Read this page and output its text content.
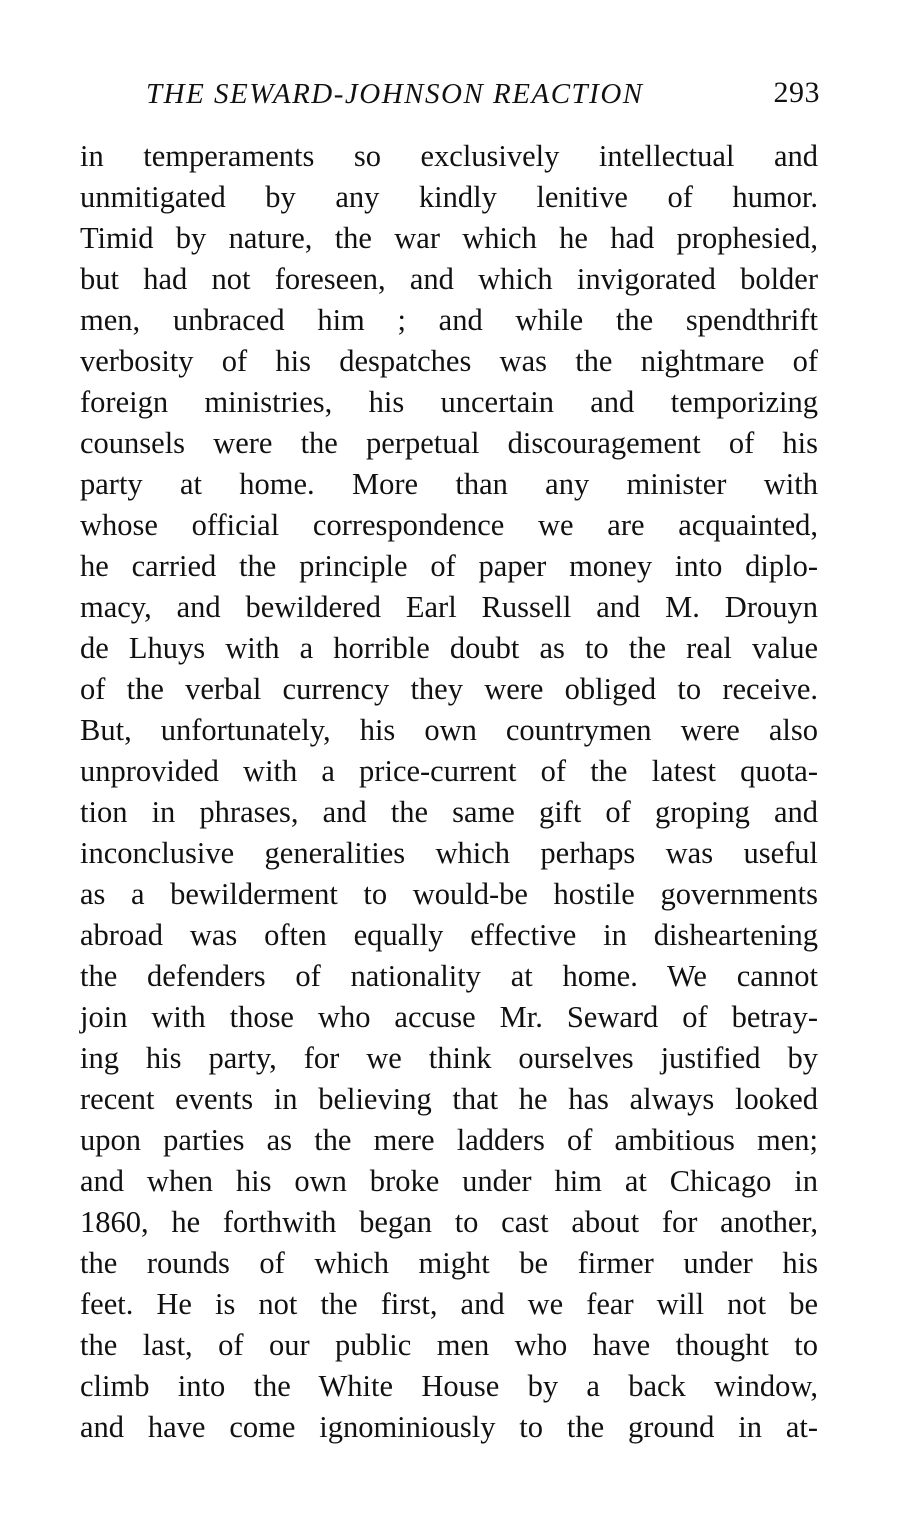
THE SEWARD-JOHNSON REACTION	293
in temperaments so exclusively intellectual and
unmitigated by any kindly lenitive of humor.
Timid by nature, the war which he had prophesied,
but had not foreseen, and which invigorated bolder
men, unbraced him ; and while the spendthrift
verbosity of his despatches was the nightmare of
foreign ministries, his uncertain and temporizing
counsels were the perpetual discouragement of his
party at home. More than any minister with
whose official correspondence we are acquainted,
he carried the principle of paper money into diplo-
macy, and bewildered Earl Russell and M. Drouyn
de Lhuys with a horrible doubt as to the real value
of the verbal currency they were obliged to receive.
But, unfortunately, his own countrymen were also
unprovided with a price-current of the latest quota-
tion in phrases, and the same gift of groping and
inconclusive generalities which perhaps was useful
as a bewilderment to would-be hostile governments
abroad was often equally effective in disheartening
the defenders of nationality at home. We cannot
join with those who accuse Mr. Seward of betray-
ing his party, for we think ourselves justified by
recent events in believing that he has always looked
upon parties as the mere ladders of ambitious men;
and when his own broke under him at Chicago in
1860, he forthwith began to cast about for another,
the rounds of which might be firmer under his
feet. He is not the first, and we fear will not be
the last, of our public men who have thought to
climb into the White House by a back window,
and have come ignominiously to the ground in at-
